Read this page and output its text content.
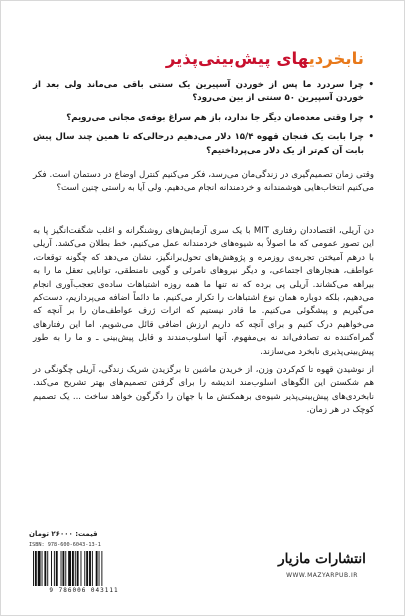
نابخردیهای پیش‌بینی‌پذیر
•
چرا سردرد ما پس از خوردن آسپیرین یک سنتی باقی می‌ماند ولی بعد از خوردن آسپیرین ۵۰ سنتی از بین می‌رود؟
•
چرا وقتی معده‌مان دیگر جا ندارد، باز هم سراغ بوفه‌ی مجانی می‌رویم؟
•
چرا بابت یک فنجان قهوه ۱۵/۴ دلار می‌دهیم درحالی‌که تا همین چند سال پیش بابت آن کم‌تر از یک دلار می‌پرداختیم؟

وقتی زمان تصمیم‌گیری در زندگی‌مان می‌رسد، فکر می‌کنیم کنترل اوضاع در دستمان است. فکر می‌کنیم انتخاب‌هایی هوشمندانه و خردمندانه انجام می‌دهیم. ولی آیا به راستی چنین است؟

دن آریلی، اقتصاددان رفتاری MIT با یک سری آزمایش‌های روشنگرانه و اغلب شگفت‌انگیز پا به این تصور عمومی که ما اصولاً به شیوه‌های خردمندانه عمل می‌کنیم، خط بطلان می‌کشد. آریلی با درهم آمیختن تجربه‌ی روزمره و پژوهش‌های تحول‌برانگیز، نشان می‌دهد که چگونه توقعات، عواطف، هنجارهای اجتماعی، و دیگر نیروهای نامرئی و گویی نامنطقی، توانایی تعقل ما را به بیراهه می‌کشاند. آریلی پی برده که نه تنها ما همه روزه اشتباهات ساده‌ی تعجب‌آوری انجام می‌دهیم، بلکه دوباره همان نوع اشتباهات را تکرار می‌کنیم. ما دائماً اضافه می‌پردازیم، دست‌کم می‌گیریم و پیشگوئی می‌کنیم. ما قادر نیستیم که اثرات ژرف عواطف‌مان را بر آنچه که می‌خواهیم درک کنیم و برای آنچه که داریم ارزش اضافی قائل می‌شویم. اما این رفتارهای گمراه‌کننده نه تصادفی‌اند نه بی‌مفهوم. آنها اسلوب‌مندند و قابل پیش‌بینی ـ و ما را به طور پیش‌بینی‌پذیری نابخرد می‌سازند.

از نوشیدن قهوه تا کم‌کردن وزن، از خریدن ماشین تا برگزیدن شریک زندگی، آریلی چگونگی در هم شکستن این الگوهای اسلوب‌مند اندیشه را برای گرفتن تصمیم‌های بهتر تشریح می‌کند. نابخردی‌های پیش‌بینی‌پذیر شیوه‌ی برهمکنش ما با جهان را دگرگون خواهد ساخت ... یک تصمیم کوچک در هر زمان.

قیمت: ۲۶۰۰۰ تومان
ISBN: 978-600-6043-13-1
9 786006 043111
انتشارات مازیار
WWW.MAZYARPUB.IR
